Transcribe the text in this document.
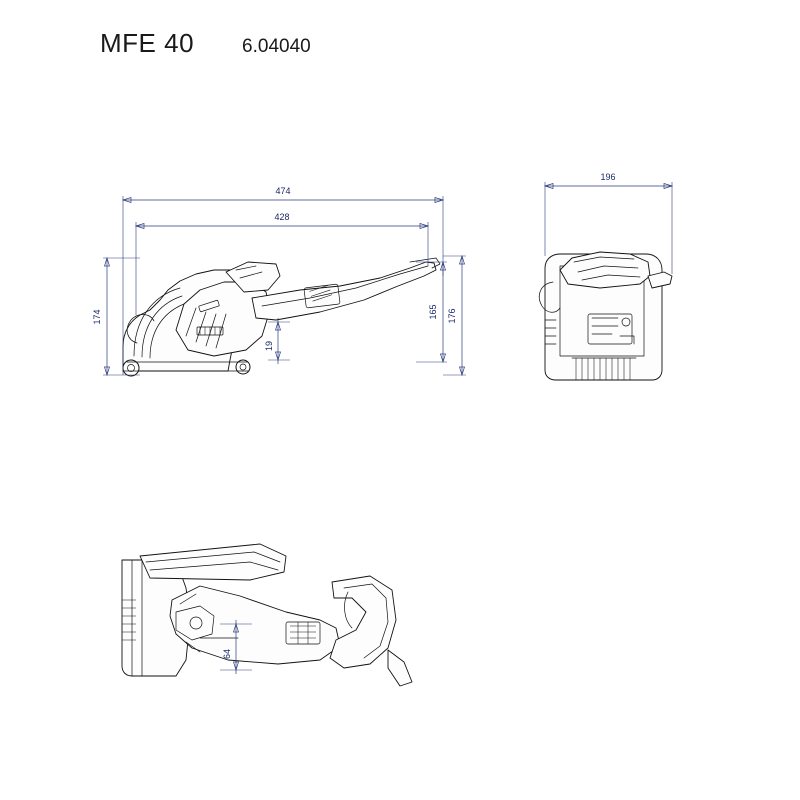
MFE 40	6.04040
474
428
174	165 176
19
196
64
